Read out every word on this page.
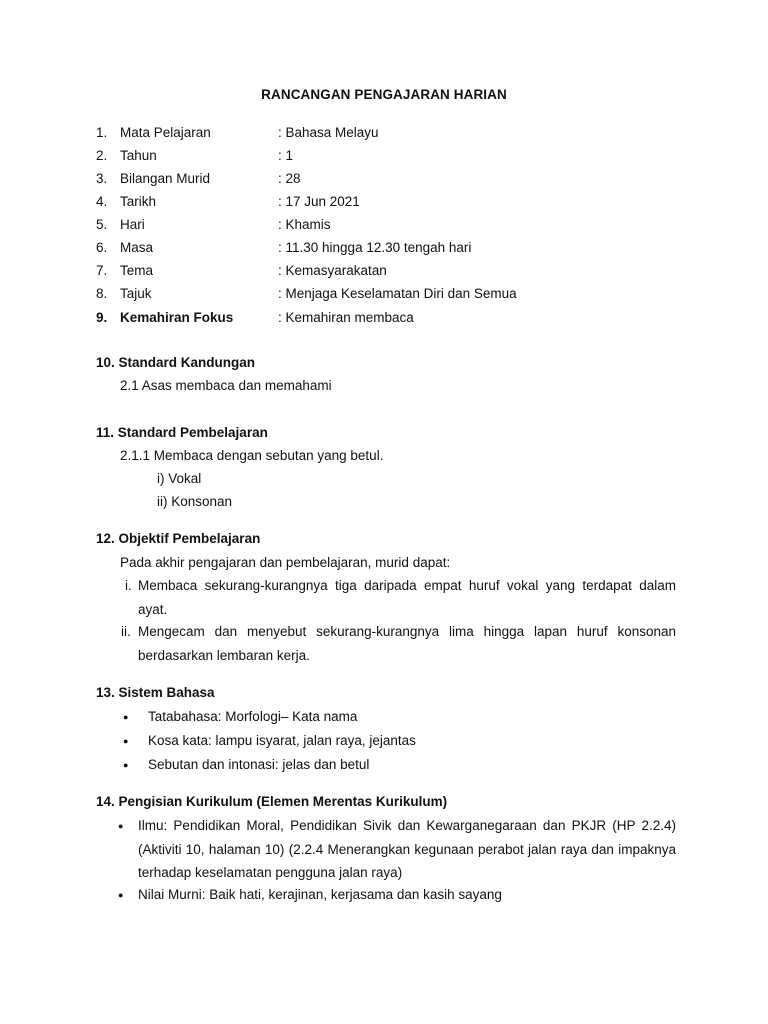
RANCANGAN PENGAJARAN HARIAN
1. Mata Pelajaran	: Bahasa Melayu
2. Tahun	: 1
3. Bilangan Murid	: 28
4. Tarikh	: 17 Jun 2021
5. Hari	: Khamis
6. Masa	: 11.30 hingga 12.30 tengah hari
7. Tema	: Kemasyarakatan
8. Tajuk	: Menjaga Keselamatan Diri dan Semua
9. Kemahiran Fokus	: Kemahiran membaca
10. Standard Kandungan
2.1 Asas membaca dan memahami
11. Standard Pembelajaran
2.1.1 Membaca dengan sebutan yang betul.
i) Vokal
ii) Konsonan
12. Objektif Pembelajaran
Pada akhir pengajaran dan pembelajaran, murid dapat:
i. Membaca sekurang-kurangnya tiga daripada empat huruf vokal yang terdapat dalam ayat.
ii. Mengecam dan menyebut sekurang-kurangnya lima hingga lapan huruf konsonan berdasarkan lembaran kerja.
13. Sistem Bahasa
● Tatabahasa: Morfologi– Kata nama
● Kosa kata: lampu isyarat, jalan raya, jejantas
● Sebutan dan intonasi: jelas dan betul
14. Pengisian Kurikulum (Elemen Merentas Kurikulum)
● Ilmu: Pendidikan Moral, Pendidikan Sivik dan Kewarganegaraan dan PKJR (HP 2.2.4) (Aktiviti 10, halaman 10) (2.2.4 Menerangkan kegunaan perabot jalan raya dan impaknya terhadap keselamatan pengguna jalan raya)
● Nilai Murni: Baik hati, kerajinan, kerjasama dan kasih sayang
